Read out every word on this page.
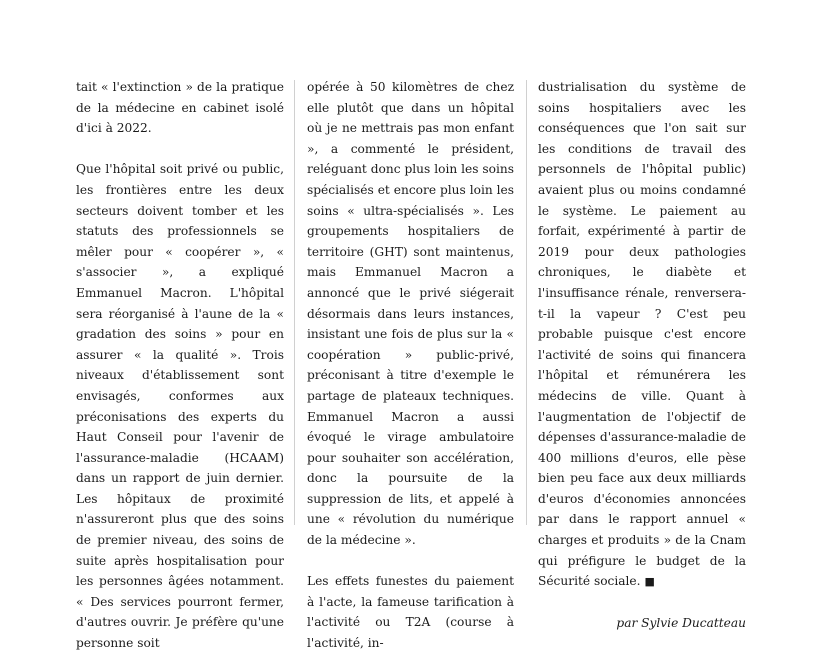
tait « l'extinction » de la pratique de la médecine en cabinet isolé d'ici à 2022.

Que l'hôpital soit privé ou public, les frontières entre les deux secteurs doivent tomber et les statuts des professionnels se mêler pour « coopérer », « s'associer », a expliqué Emmanuel Macron. L'hôpital sera réorganisé à l'aune de la « gradation des soins » pour en assurer « la qualité ». Trois niveaux d'établissement sont envisagés, conformes aux préconisations des experts du Haut Conseil pour l'avenir de l'assurance-maladie (HCAAM) dans un rapport de juin dernier. Les hôpitaux de proximité n'assureront plus que des soins de premier niveau, des soins de suite après hospitalisation pour les personnes âgées notamment. « Des services pourront fermer, d'autres ouvrir. Je préfère qu'une personne soit

opérée à 50 kilomètres de chez elle plutôt que dans un hôpital où je ne mettrais pas mon enfant », a commenté le président, reléguant donc plus loin les soins spécialisés et encore plus loin les soins « ultra-spécialisés ». Les groupements hospitaliers de territoire (GHT) sont maintenus, mais Emmanuel Macron a annoncé que le privé siégerait désormais dans leurs instances, insistant une fois de plus sur la « coopération » public-privé, préconisant à titre d'exemple le partage de plateaux techniques. Emmanuel Macron a aussi évoqué le virage ambulatoire pour souhaiter son accélération, donc la poursuite de la suppression de lits, et appelé à une « révolution du numérique de la médecine ».

Les effets funestes du paiement à l'acte, la fameuse tarification à l'activité ou T2A (course à l'activité, in-

dustrialisation du système de soins hospitaliers avec les conséquences que l'on sait sur les conditions de travail des personnels de l'hôpital public) avaient plus ou moins condamné le système. Le paiement au forfait, expérimenté à partir de 2019 pour deux pathologies chroniques, le diabète et l'insuffisance rénale, renversera-t-il la vapeur ? C'est peu probable puisque c'est encore l'activité de soins qui financera l'hôpital et rémunérera les médecins de ville. Quant à l'augmentation de l'objectif de dépenses d'assurance-maladie de 400 millions d'euros, elle pèse bien peu face aux deux milliards d'euros d'économies annoncées par dans le rapport annuel « charges et produits » de la Cnam qui préfigure le budget de la Sécurité sociale. ■

par Sylvie Ducatteau
